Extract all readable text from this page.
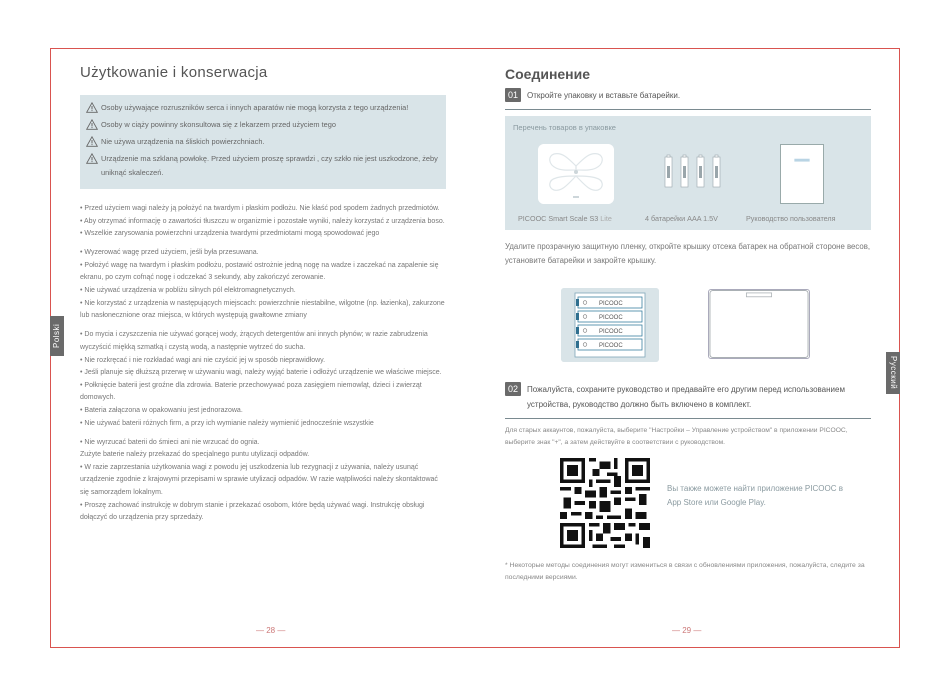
Polski
Русский
Użytkowanie i konserwacja
Osoby używające rozruszników serca i innych aparatów nie mogą korzysta z tego urządzenia!
Osoby w ciąży powinny skonsultowa się z lekarzem przed użyciem tego
Nie używa urządzenia na śliskich powierzchniach.
Urządzenie ma szklaną powłokę. Przed użyciem proszę sprawdzi , czy szkło nie jest uszkodzone, żeby uniknąć skaleczeń.

• Przed użyciem wagi należy ją położyć na twardym i płaskim podłożu. Nie kłaść pod spodem żadnych przedmiotów.

• Aby otrzymać informację o zawartości tłuszczu w organizmie i pozostałe wyniki, należy korzystać z urządzenia boso.

• Wszelkie zarysowania powierzchni urządzenia twardymi przedmiotami mogą spowodować jego

• Wyzerować wagę przed użyciem, jeśli była przesuwana.

• Położyć wagę na twardym i płaskim podłożu, postawić ostrożnie jedną nogę na wadze i zaczekać na zapalenie się ekranu, po czym cofnąć nogę i odczekać 3 sekundy, aby zakończyć zerowanie.

• Nie używać urządzenia w pobliżu silnych pól elektromagnetycznych.

• Nie korzystać z urządzenia w następujących miejscach: powierzchnie niestabilne, wilgotne (np. łazienka), zakurzone lub nasłonecznione oraz miejsca, w których występują gwałtowne zmiany

• Do mycia i czyszczenia nie używać gorącej wody, żrących detergentów ani innych płynów; w razie zabrudzenia wyczyścić miękką szmatką i czystą wodą, a następnie wytrzeć do sucha.

• Nie rozkręcać i nie rozkładać wagi ani nie czyścić jej w sposób nieprawidłowy.

• Jeśli planuje się dłuższą przerwę w używaniu wagi, należy wyjąć baterie i odłożyć urządzenie we właściwe miejsce.

• Połknięcie baterii jest groźne dla zdrowia. Baterie przechowywać poza zasięgiem niemowląt, dzieci i zwierząt domowych.

• Bateria załączona w opakowaniu jest jednorazowa.

• Nie używać baterii różnych firm, a przy ich wymianie należy wymienić jednocześnie wszystkie

• Nie wyrzucać baterii do śmieci ani nie wrzucać do ognia.

Zużyte baterie należy przekazać do specjalnego puntu utylizacji odpadów.

• W razie zaprzestania użytkowania wagi z powodu jej uszkodzenia lub rezygnacji z używania, należy usunąć urządzenie zgodnie z krajowymi przepisami w sprawie utylizacji odpadów. W razie wątpliwości należy skontaktować się samorządem lokalnym.

• Proszę zachować instrukcję w dobrym stanie i przekazać osobom, które będą używać wagi. Instrukcję obsługi dołączyć do urządzenia przy sprzedaży.

— 28 —
Соединение
01	Откройте упаковку и вставьте батарейки.
Перечень товаров в упаковке
PICOOC Smart Scale S3 Lite	4 батарейки AAA 1.5V	Руководство пользователя

Удалите прозрачную защитную пленку, откройте крышку отсека батарек на обратной стороне весов, установите батарейки и закройте крышку.

PICOOC
PICOOC
PICOOC
PICOOC
02	Пожалуйста, сохраните руководство и предавайте его другим перед использованием устройства, руководство должно быть включено в комплект.

Для старых аккаунтов, пожалуйста, выберите "Настройки – Управление устройством" в приложении PICOOC, выберите знак "+", а затем действуйте в соответствии с руководством.

Вы также можете найти приложение PICOOC в App Store или Google Play.

* Некоторые методы соединения могут измениться в связи с обновлениями приложения, пожалуйста, следите за последними версиями.

— 29 —
